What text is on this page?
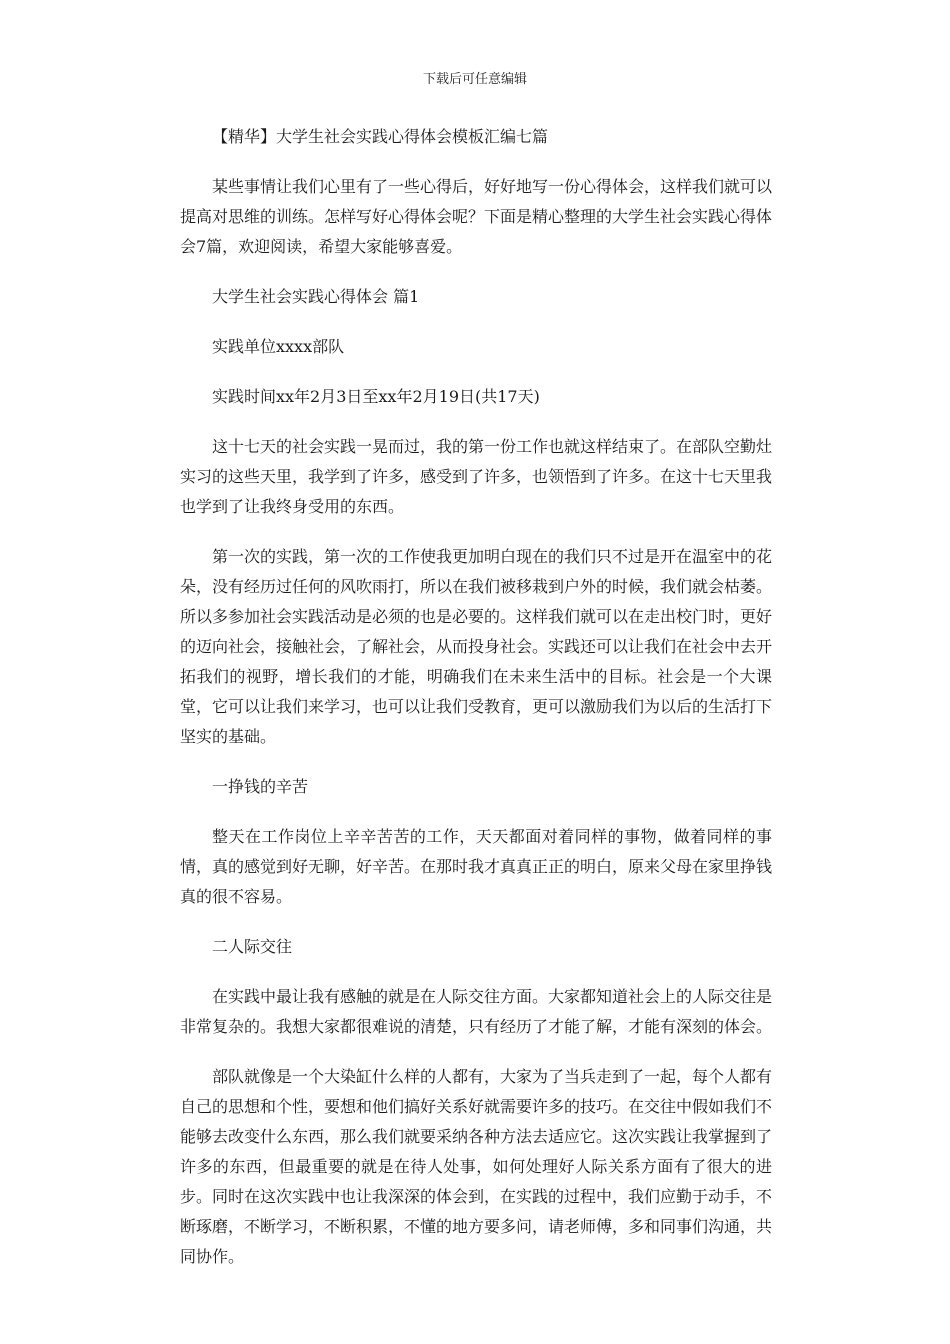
下载后可任意编辑

【精华】大学生社会实践心得体会模板汇编七篇

某些事情让我们心里有了一些心得后，好好地写一份心得体会，这样我们就可以提高对思维的训练。怎样写好心得体会呢？下面是精心整理的大学生社会实践心得体会7篇，欢迎阅读，希望大家能够喜爱。

大学生社会实践心得体会 篇1

实践单位xxxx部队

实践时间xx年2月3日至xx年2月19日(共17天)

这十七天的社会实践一晃而过，我的第一份工作也就这样结束了。在部队空勤灶实习的这些天里，我学到了许多，感受到了许多，也领悟到了许多。在这十七天里我也学到了让我终身受用的东西。

第一次的实践，第一次的工作使我更加明白现在的我们只不过是开在温室中的花朵，没有经历过任何的风吹雨打，所以在我们被移栽到户外的时候，我们就会枯萎。所以多参加社会实践活动是必须的也是必要的。这样我们就可以在走出校门时，更好的迈向社会，接触社会，了解社会，从而投身社会。实践还可以让我们在社会中去开拓我们的视野，增长我们的才能，明确我们在未来生活中的目标。社会是一个大课堂，它可以让我们来学习，也可以让我们受教育，更可以激励我们为以后的生活打下坚实的基础。

一挣钱的辛苦

整天在工作岗位上辛辛苦苦的工作，天天都面对着同样的事物，做着同样的事情，真的感觉到好无聊，好辛苦。在那时我才真真正正的明白，原来父母在家里挣钱真的很不容易。

二人际交往

在实践中最让我有感触的就是在人际交往方面。大家都知道社会上的人际交往是非常复杂的。我想大家都很难说的清楚，只有经历了才能了解，才能有深刻的体会。

部队就像是一个大染缸什么样的人都有，大家为了当兵走到了一起，每个人都有自己的思想和个性，要想和他们搞好关系好就需要许多的技巧。在交往中假如我们不能够去改变什么东西，那么我们就要采纳各种方法去适应它。这次实践让我掌握到了许多的东西，但最重要的就是在待人处事，如何处理好人际关系方面有了很大的进步。同时在这次实践中也让我深深的体会到，在实践的过程中，我们应勤于动手，不断琢磨，不断学习，不断积累，不懂的地方要多问，请老师傅，多和同事们沟通，共同协作。
